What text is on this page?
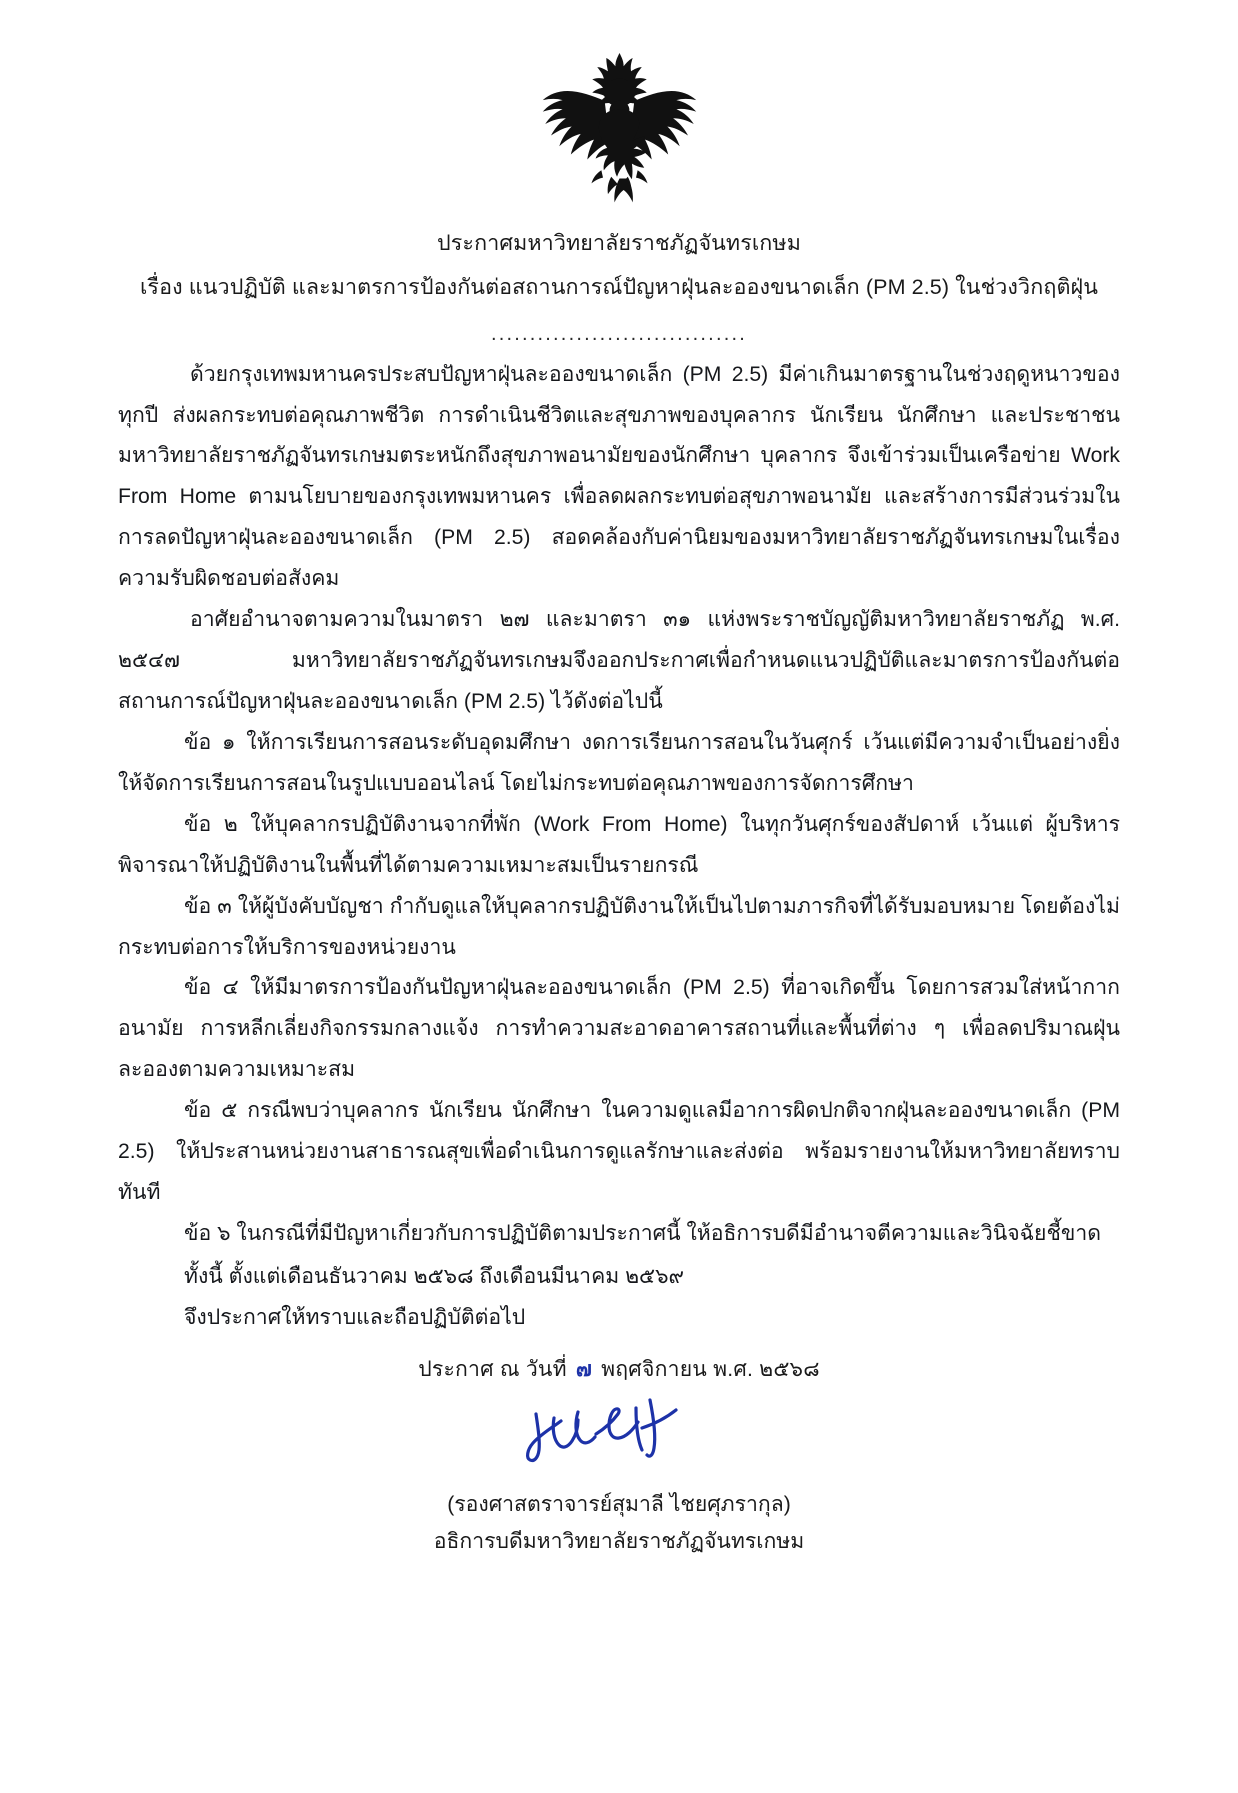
ประกาศมหาวิทยาลัยราชภัฏจันทรเกษม
เรื่อง แนวปฏิบัติ และมาตรการป้องกันต่อสถานการณ์ปัญหาฝุ่นละอองขนาดเล็ก (PM 2.5) ในช่วงวิกฤติฝุ่น
.................................

ด้วยกรุงเทพมหานครประสบปัญหาฝุ่นละอองขนาดเล็ก (PM 2.5) มีค่าเกินมาตรฐานในช่วงฤดูหนาวของทุกปี ส่งผลกระทบต่อคุณภาพชีวิต การดำเนินชีวิตและสุขภาพของบุคลากร นักเรียน นักศึกษา และประชาชน มหาวิทยาลัยราชภัฏจันทรเกษมตระหนักถึงสุขภาพอนามัยของนักศึกษา บุคลากร จึงเข้าร่วมเป็นเครือข่าย Work From Home ตามนโยบายของกรุงเทพมหานคร เพื่อลดผลกระทบต่อสุขภาพอนามัย และสร้างการมีส่วนร่วมในการลดปัญหาฝุ่นละอองขนาดเล็ก (PM 2.5) สอดคล้องกับค่านิยมของมหาวิทยาลัยราชภัฏจันทรเกษมในเรื่องความรับผิดชอบต่อสังคม

อาศัยอำนาจตามความในมาตรา ๒๗ และมาตรา ๓๑ แห่งพระราชบัญญัติมหาวิทยาลัยราชภัฏ พ.ศ. ๒๕๔๗ มหาวิทยาลัยราชภัฏจันทรเกษมจึงออกประกาศเพื่อกำหนดแนวปฏิบัติและมาตรการป้องกันต่อสถานการณ์ปัญหาฝุ่นละอองขนาดเล็ก (PM 2.5) ไว้ดังต่อไปนี้

ข้อ ๑ ให้การเรียนการสอนระดับอุดมศึกษา งดการเรียนการสอนในวันศุกร์ เว้นแต่มีความจำเป็นอย่างยิ่ง ให้จัดการเรียนการสอนในรูปแบบออนไลน์ โดยไม่กระทบต่อคุณภาพของการจัดการศึกษา

ข้อ ๒ ให้บุคลากรปฏิบัติงานจากที่พัก (Work From Home) ในทุกวันศุกร์ของสัปดาห์ เว้นแต่ ผู้บริหารพิจารณาให้ปฏิบัติงานในพื้นที่ได้ตามความเหมาะสมเป็นรายกรณี

ข้อ ๓ ให้ผู้บังคับบัญชา กำกับดูแลให้บุคลากรปฏิบัติงานให้เป็นไปตามภารกิจที่ได้รับมอบหมาย โดยต้องไม่กระทบต่อการให้บริการของหน่วยงาน

ข้อ ๔ ให้มีมาตรการป้องกันปัญหาฝุ่นละอองขนาดเล็ก (PM 2.5) ที่อาจเกิดขึ้น โดยการสวมใส่หน้ากากอนามัย การหลีกเลี่ยงกิจกรรมกลางแจ้ง การทำความสะอาดอาคารสถานที่และพื้นที่ต่าง ๆ เพื่อลดปริมาณฝุ่นละอองตามความเหมาะสม

ข้อ ๕ กรณีพบว่าบุคลากร นักเรียน นักศึกษา ในความดูแลมีอาการผิดปกติจากฝุ่นละอองขนาดเล็ก (PM 2.5) ให้ประสานหน่วยงานสาธารณสุขเพื่อดำเนินการดูแลรักษาและส่งต่อ พร้อมรายงานให้มหาวิทยาลัยทราบทันที

ข้อ ๖ ในกรณีที่มีปัญหาเกี่ยวกับการปฏิบัติตามประกาศนี้ ให้อธิการบดีมีอำนาจตีความและวินิจฉัยชี้ขาด

ทั้งนี้ ตั้งแต่เดือนธันวาคม ๒๕๖๘ ถึงเดือนมีนาคม ๒๕๖๙

จึงประกาศให้ทราบและถือปฏิบัติต่อไป

ประกาศ ณ วันที่ ๗ พฤศจิกายน พ.ศ. ๒๕๖๘
(รองศาสตราจารย์สุมาลี ไชยศุภรากุล)
อธิการบดีมหาวิทยาลัยราชภัฏจันทรเกษม
